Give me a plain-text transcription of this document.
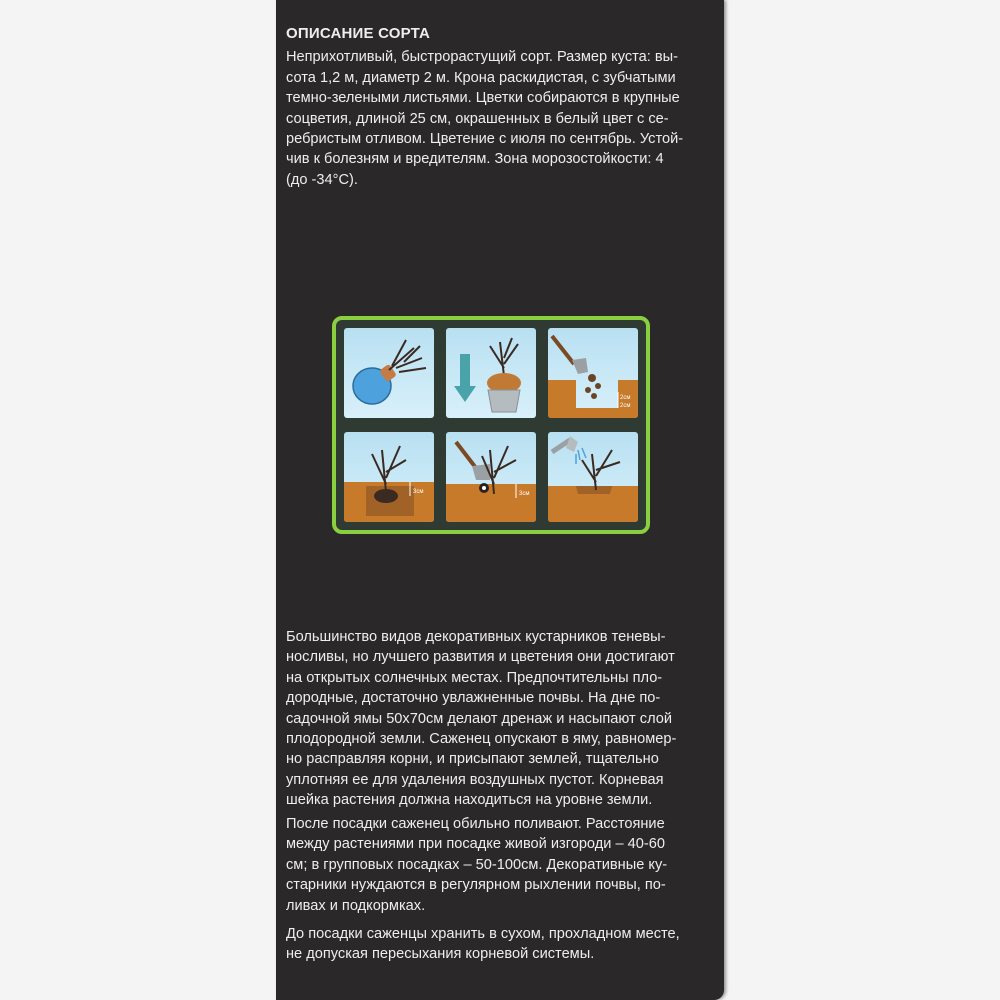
ОПИСАНИЕ СОРТА

Неприхотливый, быстрорастущий сорт. Размер куста: вы-

сота 1,2 м, диаметр 2 м. Крона раскидистая, с зубчатыми

темно-зелеными листьями. Цветки собираются в крупные

соцветия, длиной 25 см, окрашенных в белый цвет с се-

ребристым отливом. Цветение с июля по сентябрь. Устой-

чив к болезням и вредителям. Зона морозостойкости: 4

(до -34°С).

2см
2см
3см	3см

Большинство видов декоративных кустарников теневы-

носливы, но лучшего развития и цветения они достигают

на открытых солнечных местах. Предпочтительны пло-

дородные, достаточно увлажненные почвы. На дне по-

садочной ямы 50х70см делают дренаж и насыпают слой

плодородной земли. Саженец опускают в яму, равномер-

но расправляя корни, и присыпают землей, тщательно

уплотняя ее для удаления воздушных пустот. Корневая

шейка растения должна находиться на уровне земли.

После посадки саженец обильно поливают. Расстояние

между растениями при посадке живой изгороди – 40-60

см; в групповых посадках – 50-100см. Декоративные ку-

старники нуждаются в регулярном рыхлении почвы, по-

ливах и подкормках.

До посадки саженцы хранить в сухом, прохладном месте,

не допуская пересыхания корневой системы.
